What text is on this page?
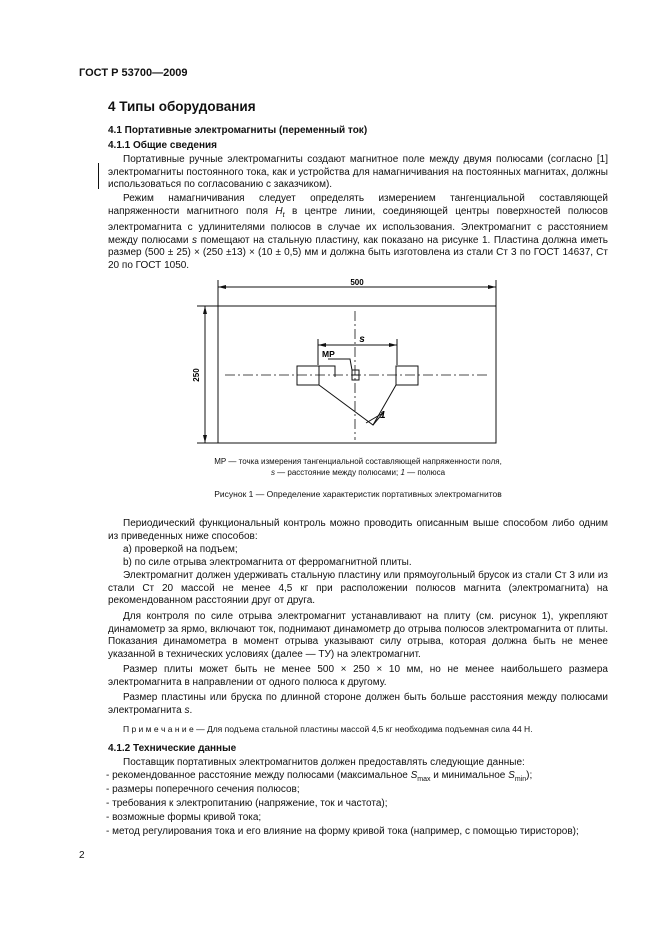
ГОСТ Р 53700—2009
4 Типы оборудования
4.1 Портативные электромагниты (переменный ток)
4.1.1 Общие сведения
Портативные ручные электромагниты создают магнитное поле между двумя полюсами (согласно [1] электромагниты постоянного тока, как и устройства для намагничивания на постоянных магнитах, должны использоваться по согласованию с заказчиком).
Режим намагничивания следует определять измерением тангенциальной составляющей напряженности магнитного поля $H_t$ в центре линии, соединяющей центры поверхностей полюсов электромагнита с удлинителями полюсов в случае их использования. Электромагнит с расстоянием между полюсами s помещают на стальную пластину, как показано на рисунке 1. Пластина должна иметь размер (500 ± 25) × (250 ±13) × (10 ± 0,5) мм и должна быть изготовлена из стали Ст 3 по ГОСТ 14637, Ст 20 по ГОСТ 1050.
500
250
s
MP
1
МР — точка измерения тангенциальной составляющей напряженности поля,
s — расстояние между полюсами; 1 — полюса
Рисунок 1 — Определение характеристик портативных электромагнитов
Периодический функциональный контроль можно проводить описанным выше способом либо одним из приведенных ниже способов:
a) проверкой на подъем;
b) по силе отрыва электромагнита от ферромагнитной плиты.
Электромагнит должен удерживать стальную пластину или прямоугольный брусок из стали Ст 3 или из стали Ст 20 массой не менее 4,5 кг при расположении полюсов магнита (электромагнита) на рекомендованном расстоянии друг от друга.
Для контроля по силе отрыва электромагнит устанавливают на плиту (см. рисунок 1), укрепляют динамометр за ярмо, включают ток, поднимают динамометр до отрыва полюсов электромагнита от плиты. Показания динамометра в момент отрыва указывают силу отрыва, которая должна быть не менее указанной в технических условиях (далее — ТУ) на электромагнит.
Размер плиты может быть не менее 500 × 250 × 10 мм, но не менее наибольшего размера электромагнита в направлении от одного полюса к другому.
Размер пластины или бруска по длинной стороне должен быть больше расстояния между полюсами электромагнита s.
П р и м е ч а н и е — Для подъема стальной пластины массой 4,5 кг необходима подъемная сила 44 Н.
4.1.2 Технические данные
Поставщик портативных электромагнитов должен предоставлять следующие данные:
- рекомендованное расстояние между полюсами (максимальное $S_{max}$ и минимальное $S_{min}$);
- размеры поперечного сечения полюсов;
- требования к электропитанию (напряжение, ток и частота);
- возможные формы кривой тока;
- метод регулирования тока и его влияние на форму кривой тока (например, с помощью тиристоров);
2
